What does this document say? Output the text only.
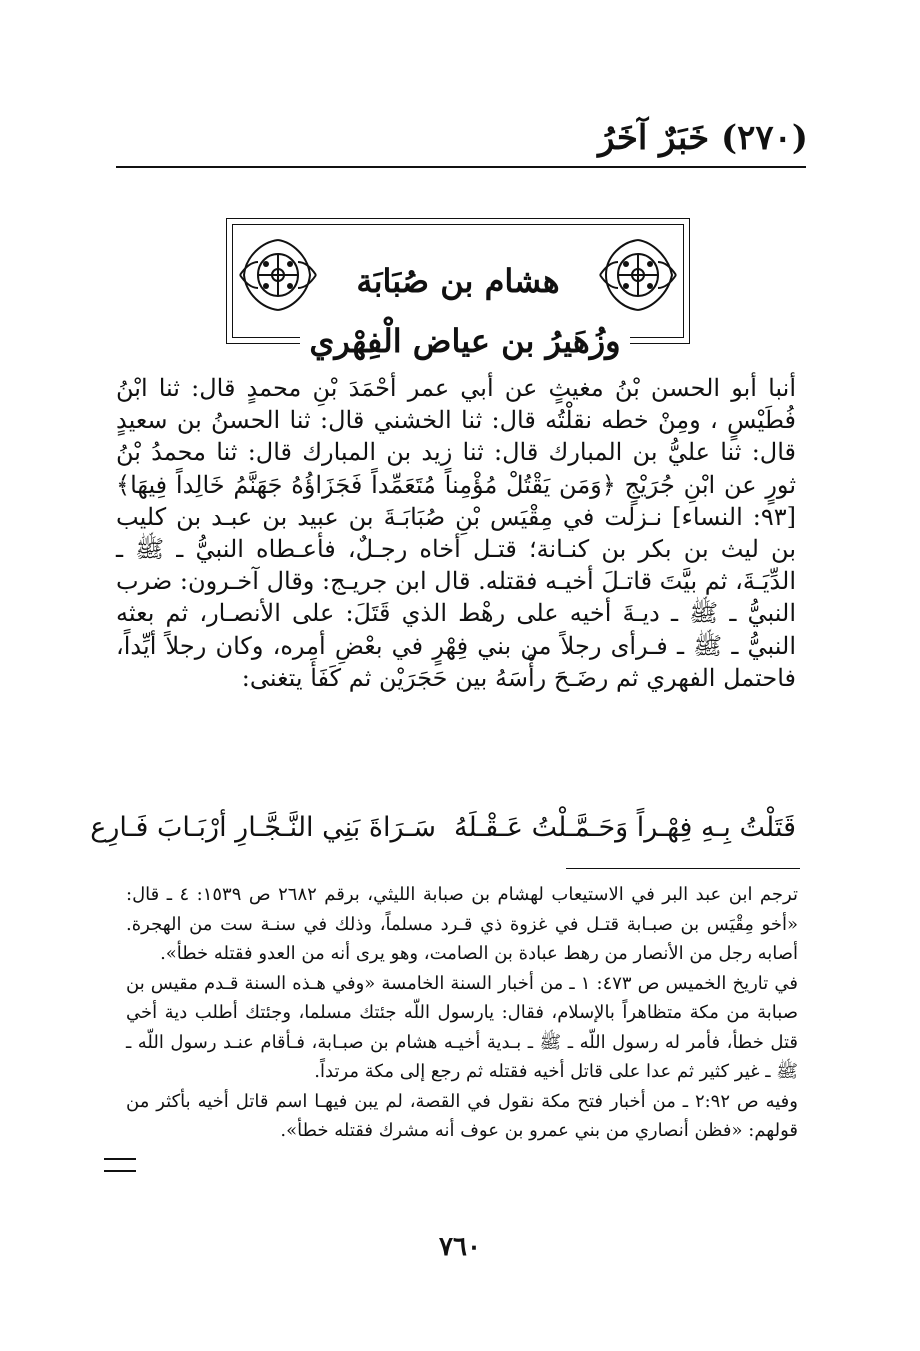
(٢٧٠) خَبَرٌ آخَرُ
هشام بن صُبَابَة
وزُهَيرُ بن عياض الْفِهْري

أنبا أبو الحسن بْنُ مغيثٍ عن أبي عمر أحْمَدَ بْنِ محمدٍ قال: ثنا ابْنُ فُطَيْسٍ ، ومِنْ خطه نقلْتُه قال: ثنا الخشني قال: ثنا الحسنُ بن سعيدٍ قال: ثنا عليُّ بن المبارك قال: ثنا زيد بن المبارك قال: ثنا محمدُ بْنُ ثورٍ عن ابْنِ جُرَيْجٍ ﴿وَمَن يَقْتُلْ مُؤْمِناً مُتَعَمِّداً فَجَزَاؤُهُ جَهَنَّمُ خَالِداً فِيهَا﴾ [٩٣: النساء] نـزلت في مِقْيَس بْنِ صُبَابَـةَ بن عبيد بن عبـد بن كليب بن ليث بن بكر بن كنـانة؛ قتـل أخاه رجـلٌ، فأعـطاه النبيُّ ـ ﷺ ـ الدِّيَـةَ، ثم بيَّتَ قاتـلَ أخيـه فقتله. قال ابن جريـج: وقال آخـرون: ضرب النبيُّ ـ ﷺ ـ ديـةَ أخيه على رهْط الذي قَتَلَ: على الأنصـار، ثم بعثه النبيُّ ـ ﷺ ـ فـرأى رجلاً من بني فِهْرٍ في بعْضِ أمره، وكان رجلاً أيِّداً، فاحتمل الفهري ثم رضَـحَ رأْسَهُ بين حَجَرَيْن ثم كَفَأَ يتغنى:

قَتَلْتُ بِـهِ فِهْـراً وَحَـمَّـلْتُ عَـقْـلَهُسَـرَاةَ بَنِي النَّـجَّـارِ أرْبَـابَ فَـارِع

ترجم ابن عبد البر في الاستيعاب لهشام بن صبابة الليثي، برقم ٢٦٨٢ ص ١٥٣٩: ٤ ـ قال: «أخو مِقْيَس بن صبـابة قتـل في غزوة ذي قـرد مسلماً، وذلك في سنـة ست من الهجرة. أصابه رجل من الأنصار من رهط عبادة بن الصامت، وهو يرى أنه من العدو فقتله خطأ».

في تاريخ الخميس ص ٤٧٣: ١ ـ من أخبار السنة الخامسة «وفي هـذه السنة قـدم مقيس بن صبابة من مكة متظاهراً بالإسلام، فقال: يارسول اللّه جئتك مسلما، وجئتك أطلب دية أخي قتل خطأ، فأمر له رسول اللّه ـ ﷺ ـ بـدية أخيـه هشام بن صبـابة، فـأقام عنـد رسول اللّه ـ ﷺ ـ غير كثير ثم عدا على قاتل أخيه فقتله ثم رجع إلى مكة مرتداً.

وفيه ص ٢:٩٢ ـ من أخبار فتح مكة نقول في القصة، لم يبن فيهـا اسم قاتل أخيه بأكثر من قولهم: «فظن أنصاري من بني عمرو بن عوف أنه مشرك فقتله خطأ».

٧٦٠
